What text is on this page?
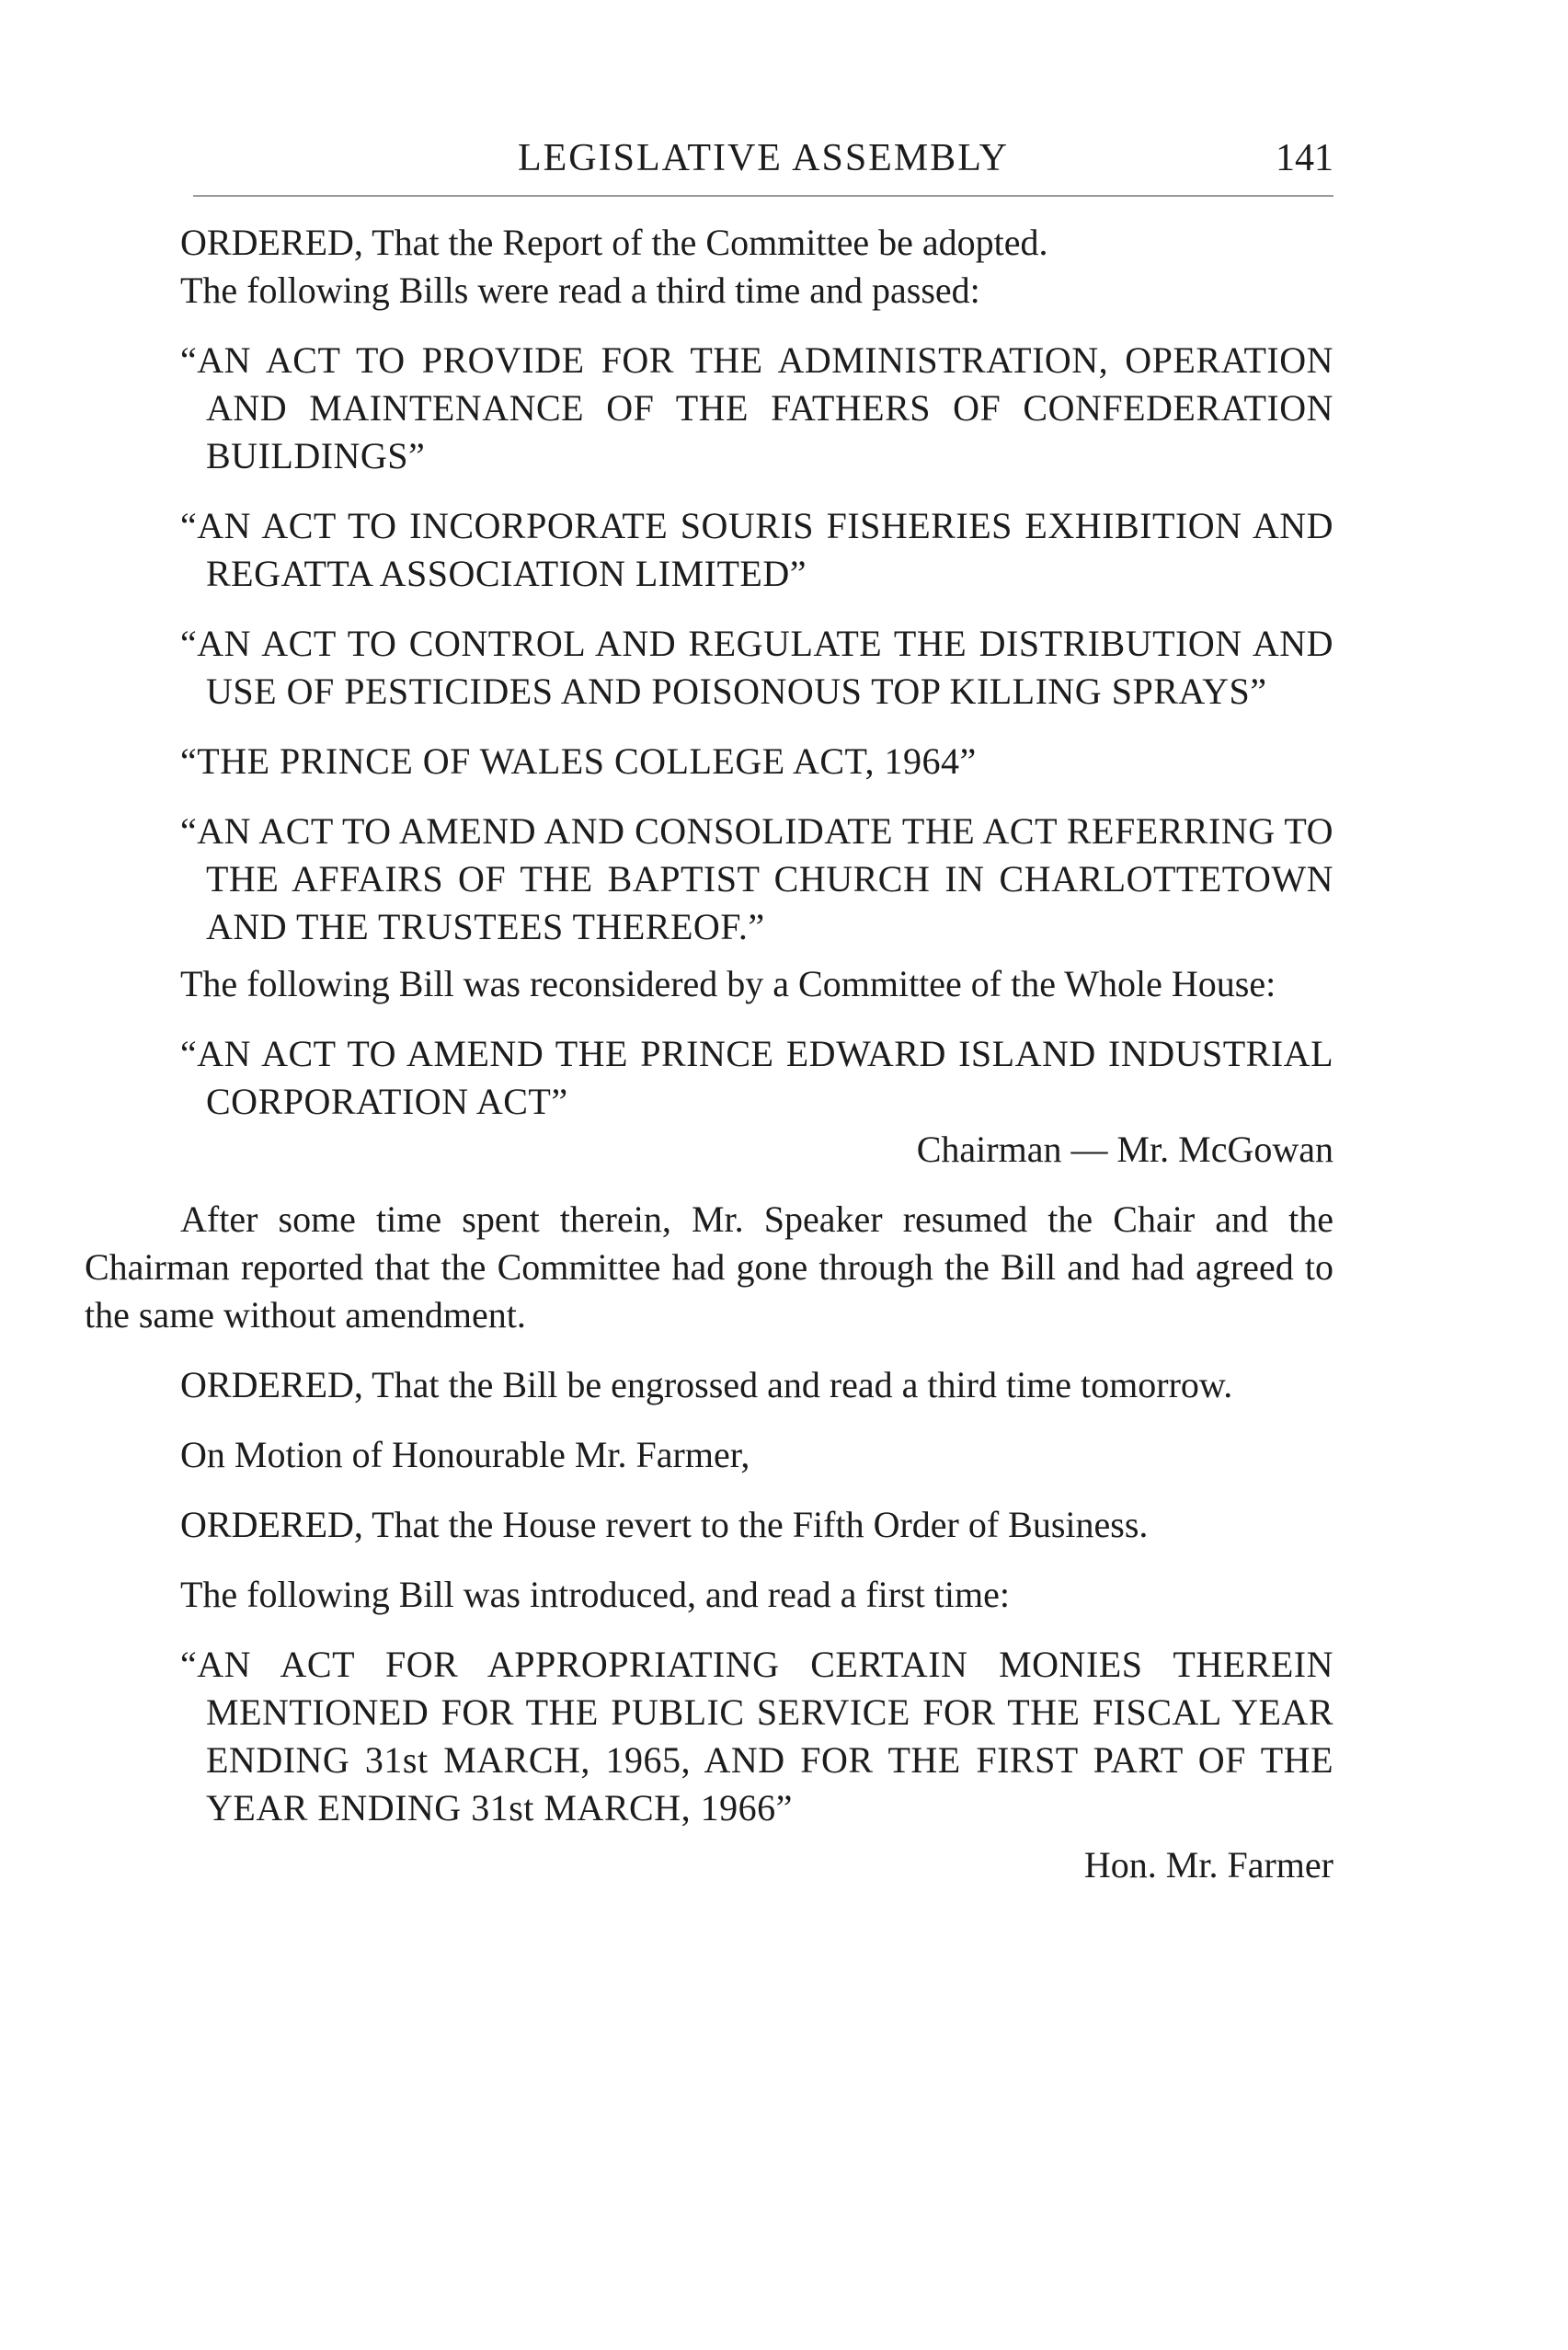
LEGISLATIVE ASSEMBLY	141

ORDERED, That the Report of the Committee be adopted.

The following Bills were read a third time and passed:

“AN ACT TO PROVIDE FOR THE ADMINISTRATION, OPERATION AND MAINTENANCE OF THE FATHERS OF CONFEDERATION BUILDINGS”

“AN ACT TO INCORPORATE SOURIS FISHERIES EXHIBITION AND REGATTA ASSOCIATION LIMITED”

“AN ACT TO CONTROL AND REGULATE THE DISTRIBUTION AND USE OF PESTICIDES AND POISONOUS TOP KILLING SPRAYS”

“THE PRINCE OF WALES COLLEGE ACT, 1964”

“AN ACT TO AMEND AND CONSOLIDATE THE ACT REFERRING TO THE AFFAIRS OF THE BAPTIST CHURCH IN CHARLOTTETOWN AND THE TRUSTEES THEREOF.”

The following Bill was reconsidered by a Committee of the Whole House:

“AN ACT TO AMEND THE PRINCE EDWARD ISLAND INDUSTRIAL CORPORATION ACT”

Chairman — Mr. McGowan

After some time spent therein, Mr. Speaker resumed the Chair and the Chairman reported that the Committee had gone through the Bill and had agreed to the same without amendment.

ORDERED, That the Bill be engrossed and read a third time tomorrow.

On Motion of Honourable Mr. Farmer,

ORDERED, That the House revert to the Fifth Order of Business.

The following Bill was introduced, and read a first time:

“AN ACT FOR APPROPRIATING CERTAIN MONIES THEREIN MENTIONED FOR THE PUBLIC SERVICE FOR THE FISCAL YEAR ENDING 31st MARCH, 1965, AND FOR THE FIRST PART OF THE YEAR ENDING 31st MARCH, 1966”

Hon. Mr. Farmer
